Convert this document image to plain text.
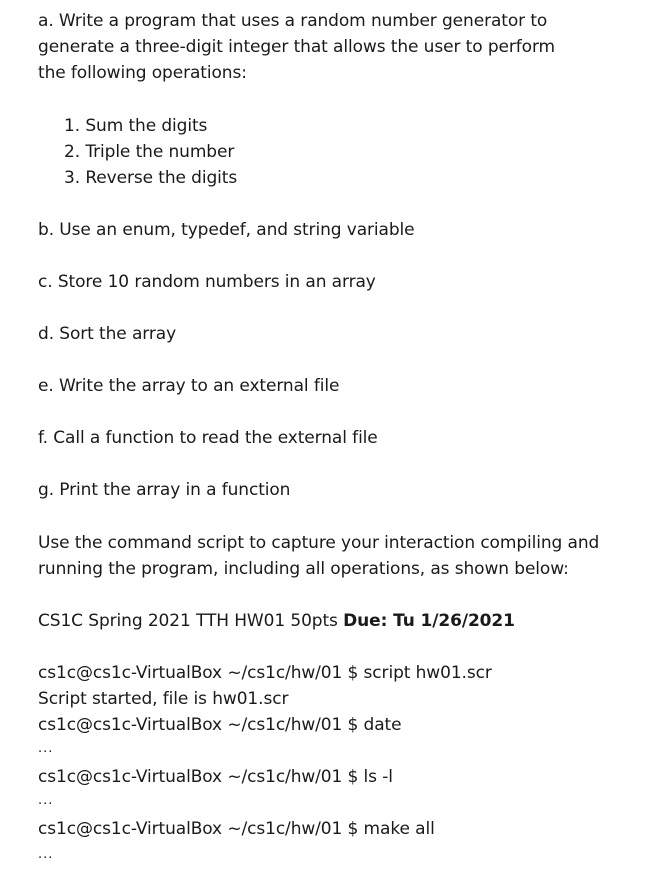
a. Write a program that uses a random number generator to
generate a three-digit integer that allows the user to perform
the following operations:
1. Sum the digits
2. Triple the number
3. Reverse the digits
b. Use an enum, typedef, and string variable
c. Store 10 random numbers in an array
d. Sort the array
e. Write the array to an external file
f. Call a function to read the external file
g. Print the array in a function
Use the command script to capture your interaction compiling and
running the program, including all operations, as shown below:
CS1C Spring 2021 TTH HW01 50pts Due: Tu 1/26/2021
cs1c@cs1c-VirtualBox ~/cs1c/hw/01 $ script hw01.scr
Script started, file is hw01.scr
cs1c@cs1c-VirtualBox ~/cs1c/hw/01 $ date
...
cs1c@cs1c-VirtualBox ~/cs1c/hw/01 $ ls -l
...
cs1c@cs1c-VirtualBox ~/cs1c/hw/01 $ make all
...
